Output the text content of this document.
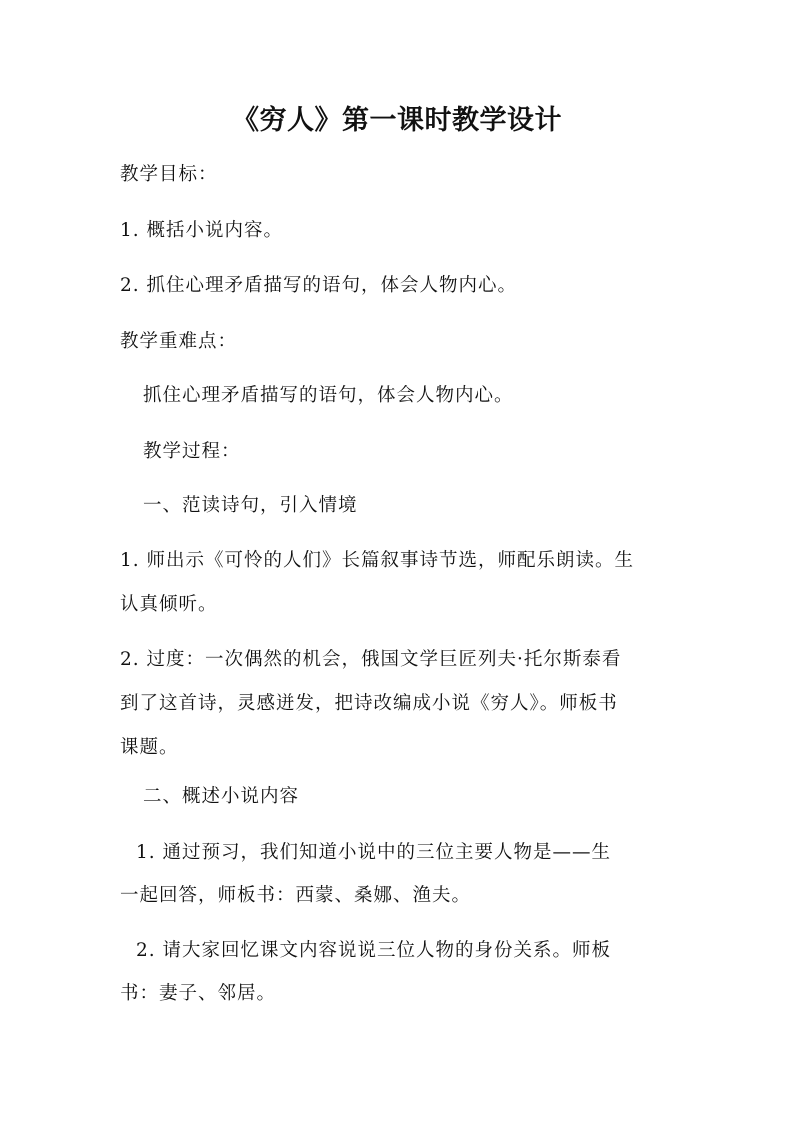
《穷人》第一课时教学设计
教学目标：
1. 概括小说内容。
2. 抓住心理矛盾描写的语句，体会人物内心。
教学重难点：
抓住心理矛盾描写的语句，体会人物内心。
教学过程：
一、范读诗句，引入情境
1. 师出示《可怜的人们》长篇叙事诗节选，师配乐朗读。生
认真倾听。
2. 过度：一次偶然的机会，俄国文学巨匠列夫·托尔斯泰看
到了这首诗，灵感迸发，把诗改编成小说《穷人》。师板书
课题。
二、概述小说内容
1. 通过预习，我们知道小说中的三位主要人物是——生
一起回答，师板书：西蒙、桑娜、渔夫。
2. 请大家回忆课文内容说说三位人物的身份关系。师板
书：妻子、邻居。
